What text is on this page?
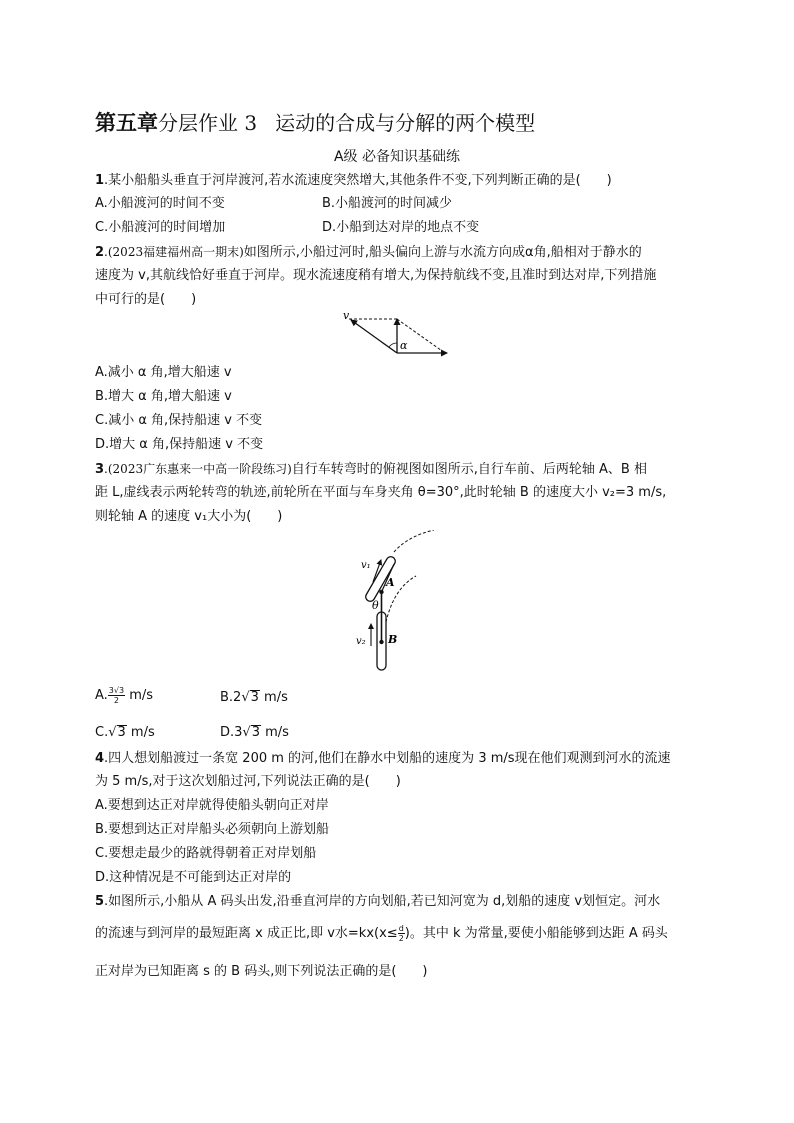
第五章分层作业 3 运动的合成与分解的两个模型
A级 必备知识基础练
1.某小船船头垂直于河岸渡河,若水流速度突然增大,其他条件不变,下列判断正确的是(　　)
A.小船渡河的时间不变	B.小船渡河的时间减少
C.小船渡河的时间增加	D.小船到达对岸的地点不变
2.(2023福建福州高一期末)如图所示,小船过河时,船头偏向上游与水流方向成α角,船相对于静水的
速度为 v,其航线恰好垂直于河岸。现水流速度稍有增大,为保持航线不变,且准时到达对岸,下列措施
中可行的是(　　)
v
α
A.减小 α 角,增大船速 v
B.增大 α 角,增大船速 v
C.减小 α 角,保持船速 v 不变
D.增大 α 角,保持船速 v 不变
3.(2023广东惠来一中高一阶段练习)自行车转弯时的俯视图如图所示,自行车前、后两轮轴 A、B 相
距 L,虚线表示两轮转弯的轨迹,前轮所在平面与车身夹角 θ=30°,此时轮轴 B 的速度大小 v₂=3 m/s,
则轮轴 A 的速度 v₁大小为(　　)
v₁
A
θ
v₂ B
A. $\frac{3√3}{2} m/s$	B.2√3 m/s
C.√3 m/s	D.3√3 m/s
4.四人想划船渡过一条宽 200 m 的河,他们在静水中划船的速度为 3 m/s现在他们观测到河水的流速
为 5 m/s,对于这次划船过河,下列说法正确的是(　　)
A.要想到达正对岸就得使船头朝向正对岸
B.要想到达正对岸船头必须朝向上游划船
C.要想走最少的路就得朝着正对岸划船
D.这种情况是不可能到达正对岸的
5.如图所示,小船从 A 码头出发,沿垂直河岸的方向划船,若已知河宽为 d,划船的速度 v划恒定。河水
的流速与到河岸的最短距离 x 成正比,即 v水$=kx(x\le \frac{d}{2}$ )。其中 k 为常量,要使小船能够到达距 A 码头
正对岸为已知距离 s 的 B 码头,则下列说法正确的是(　　)
